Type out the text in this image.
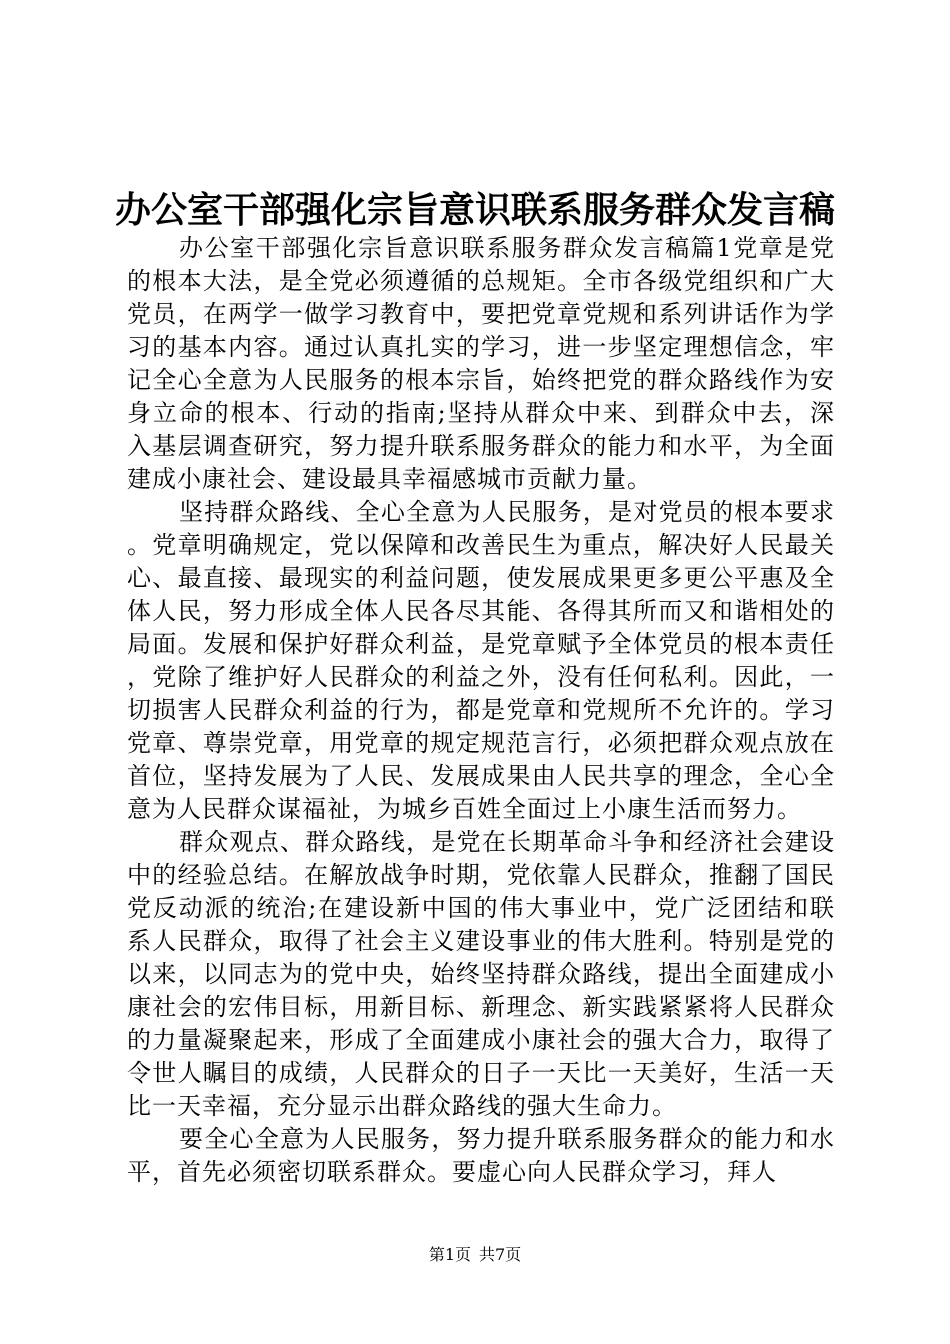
办公室干部强化宗旨意识联系服务群众发言稿

办公室干部强化宗旨意识联系服务群众发言稿篇1党章是党的根本大法，是全党必须遵循的总规矩。全市各级党组织和广大党员，在两学一做学习教育中，要把党章党规和系列讲话作为学习的基本内容。通过认真扎实的学习，进一步坚定理想信念，牢记全心全意为人民服务的根本宗旨，始终把党的群众路线作为安身立命的根本、行动的指南;坚持从群众中来、到群众中去，深入基层调查研究，努力提升联系服务群众的能力和水平，为全面建成小康社会、建设最具幸福感城市贡献力量。

坚持群众路线、全心全意为人民服务，是对党员的根本要求。党章明确规定，党以保障和改善民生为重点，解决好人民最关心、最直接、最现实的利益问题，使发展成果更多更公平惠及全体人民，努力形成全体人民各尽其能、各得其所而又和谐相处的局面。发展和保护好群众利益，是党章赋予全体党员的根本责任，党除了维护好人民群众的利益之外，没有任何私利。因此，一切损害人民群众利益的行为，都是党章和党规所不允许的。学习党章、尊崇党章，用党章的规定规范言行，必须把群众观点放在首位，坚持发展为了人民、发展成果由人民共享的理念，全心全意为人民群众谋福祉，为城乡百姓全面过上小康生活而努力。

群众观点、群众路线，是党在长期革命斗争和经济社会建设中的经验总结。在解放战争时期，党依靠人民群众，推翻了国民党反动派的统治;在建设新中国的伟大事业中，党广泛团结和联系人民群众，取得了社会主义建设事业的伟大胜利。特别是党的以来，以同志为的党中央，始终坚持群众路线，提出全面建成小康社会的宏伟目标，用新目标、新理念、新实践紧紧将人民群众的力量凝聚起来，形成了全面建成小康社会的强大合力，取得了令世人瞩目的成绩，人民群众的日子一天比一天美好，生活一天比一天幸福，充分显示出群众路线的强大生命力。

要全心全意为人民服务，努力提升联系服务群众的能力和水平，首先必须密切联系群众。要虚心向人民群众学习，拜人

第1页 共7页
